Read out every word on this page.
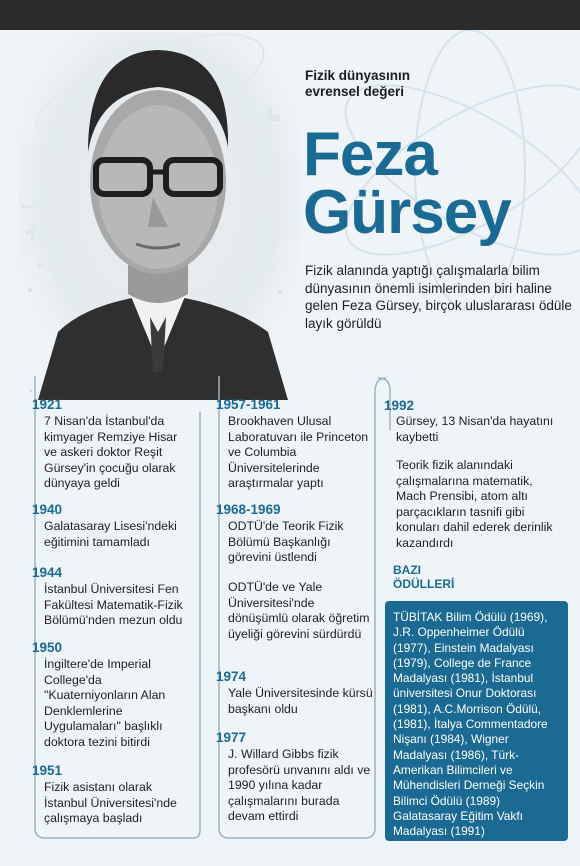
Fizik dünyasının evrensel değeri
Feza
Gürsey
Fizik alanında yaptığı çalışmalarla bilim dünyasının önemli isimlerinden biri haline gelen Feza Gürsey, birçok uluslararası ödüle layık görüldü
1921
7 Nisan'da İstanbul'da kimyager Remziye Hisar ve askeri doktor Reşit Gürsey'in çocuğu olarak dünyaya geldi
1940
Galatasaray Lisesi'ndeki eğitimini tamamladı
1944
İstanbul Üniversitesi Fen Fakültesi Matematik-Fizik Bölümü'nden mezun oldu
1950
İngiltere'de Imperial College'da "Kuaterniyonların Alan Denklemlerine Uygulamaları" başlıklı doktora tezini bitirdi
1951
Fizik asistanı olarak İstanbul Üniversitesi'nde çalışmaya başladı
1957-1961
Brookhaven Ulusal Laboratuvarı ile Princeton ve Columbia Üniversitelerinde araştırmalar yaptı
1968-1969
ODTÜ'de Teorik Fizik Bölümü Başkanlığı görevini üstlendi
ODTÜ'de ve Yale Üniversitesi'nde dönüşümlü olarak öğretim üyeliği görevini sürdürdü
1974
Yale Üniversitesinde kürsü başkanı oldu
1977
J. Willard Gibbs fizik profesörü unvanını aldı ve 1990 yılına kadar çalışmalarını burada devam ettirdi
1992
Gürsey, 13 Nisan'da hayatını kaybetti
Teorik fizik alanındaki çalışmalarına matematik, Mach Prensibi, atom altı parçacıkların tasnifi gibi konuları dahil ederek derinlik kazandırdı
BAZI ÖDÜLLERİ
TÜBİTAK Bilim Ödülü (1969), J.R. Oppenheimer Ödülü (1977), Einstein Madalyası (1979), College de France Madalyası (1981), İstanbul üniversitesi Onur Doktorası (1981), A.C.Morrison Ödülü, (1981), İtalya Commentadore Nişanı (1984), Wigner Madalyası (1986), Türk-Amerikan Bilimcileri ve Mühendisleri Derneği Seçkin Bilimci Ödülü (1989) Galatasaray Eğitim Vakfı Madalyası (1991)
